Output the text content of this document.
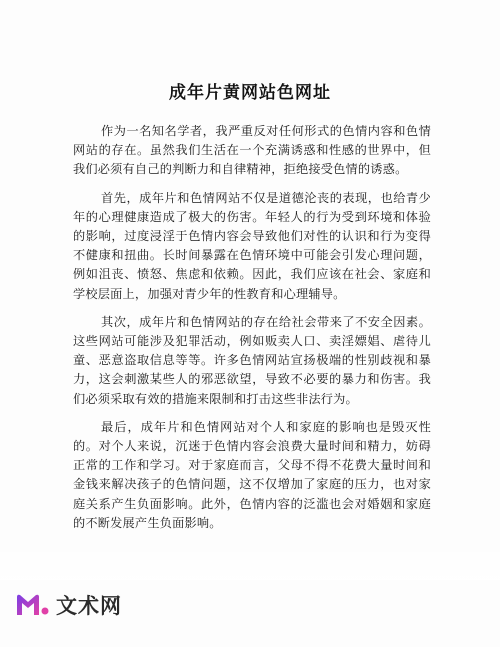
成年片黄网站色网址

作为一名知名学者，我严重反对任何形式的色情内容和色情网站的存在。虽然我们生活在一个充满诱惑和性感的世界中，但我们必须有自己的判断力和自律精神，拒绝接受色情的诱惑。

首先，成年片和色情网站不仅是道德沦丧的表现，也给青少年的心理健康造成了极大的伤害。年轻人的行为受到环境和体验的影响，过度浸淫于色情内容会导致他们对性的认识和行为变得不健康和扭曲。长时间暴露在色情环境中可能会引发心理问题，例如沮丧、愤怒、焦虑和依赖。因此，我们应该在社会、家庭和学校层面上，加强对青少年的性教育和心理辅导。

其次，成年片和色情网站的存在给社会带来了不安全因素。这些网站可能涉及犯罪活动，例如贩卖人口、卖淫嫖娼、虐待儿童、恶意盗取信息等等。许多色情网站宣扬极端的性别歧视和暴力，这会刺激某些人的邪恶欲望，导致不必要的暴力和伤害。我们必须采取有效的措施来限制和打击这些非法行为。

最后，成年片和色情网站对个人和家庭的影响也是毁灭性的。对个人来说，沉迷于色情内容会浪费大量时间和精力，妨碍正常的工作和学习。对于家庭而言，父母不得不花费大量时间和金钱来解决孩子的色情问题，这不仅增加了家庭的压力，也对家庭关系产生负面影响。此外，色情内容的泛滥也会对婚姻和家庭的不断发展产生负面影响。

文术网
